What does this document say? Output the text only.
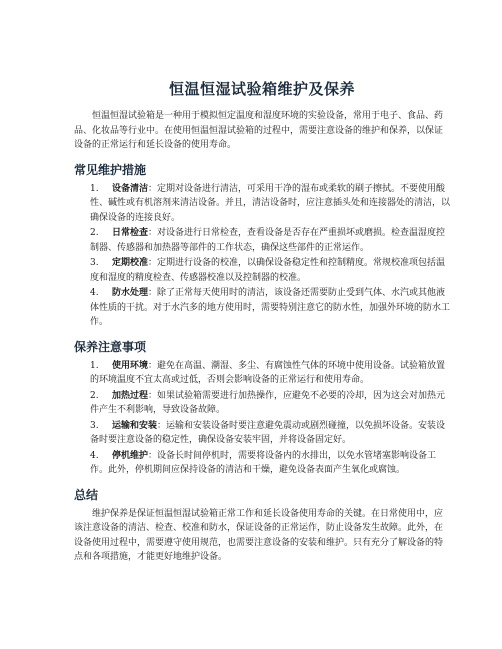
恒温恒湿试验箱维护及保养

恒温恒湿试验箱是一种用于模拟恒定温度和湿度环境的实验设备，常用于电子、食品、药品、化妆品等行业中。在使用恒温恒湿试验箱的过程中，需要注意设备的维护和保养，以保证设备的正常运行和延长设备的使用寿命。

常见维护措施

1. 设备清洁：定期对设备进行清洁，可采用干净的湿布或柔软的刷子擦拭。不要使用酸性、碱性或有机溶剂来清洁设备。并且，清洁设备时，应注意插头处和连接器处的清洁，以确保设备的连接良好。

2. 日常检查：对设备进行日常检查，查看设备是否存在严重损坏或磨损。检查温湿度控制器、传感器和加热器等部件的工作状态，确保这些部件的正常运作。

3. 定期校准：定期进行设备的校准，以确保设备稳定性和控制精度。常规校准项包括温度和湿度的精度检查、传感器校准以及控制器的校准。

4. 防水处理：除了正常每天使用时的清洁，该设备还需要防止受到气体、水汽或其他液体性质的干扰。对于水汽多的地方使用时，需要特别注意它的防水性，加强外环境的防水工作。

保养注意事项

1. 使用环境：避免在高温、潮湿、多尘、有腐蚀性气体的环境中使用设备。试验箱放置的环境温度不宜太高或过低，否则会影响设备的正常运行和使用寿命。

2. 加热过程：如果试验箱需要进行加热操作，应避免不必要的冷却，因为这会对加热元件产生不利影响，导致设备故障。

3. 运输和安装：运输和安装设备时要注意避免震动或剧烈碰撞，以免损坏设备。安装设备时要注意设备的稳定性，确保设备安装牢固，并将设备固定好。

4. 停机维护：设备长时间停机时，需要将设备内的水排出，以免水管堵塞影响设备工作。此外，停机期间应保持设备的清洁和干燥，避免设备表面产生氧化或腐蚀。

总结

维护保养是保证恒温恒湿试验箱正常工作和延长设备使用寿命的关键。在日常使用中，应该注意设备的清洁、检查、校准和防水，保证设备的正常运作，防止设备发生故障。此外，在设备使用过程中，需要遵守使用规范，也需要注意设备的安装和维护。只有充分了解设备的特点和各项措施，才能更好地维护设备。
